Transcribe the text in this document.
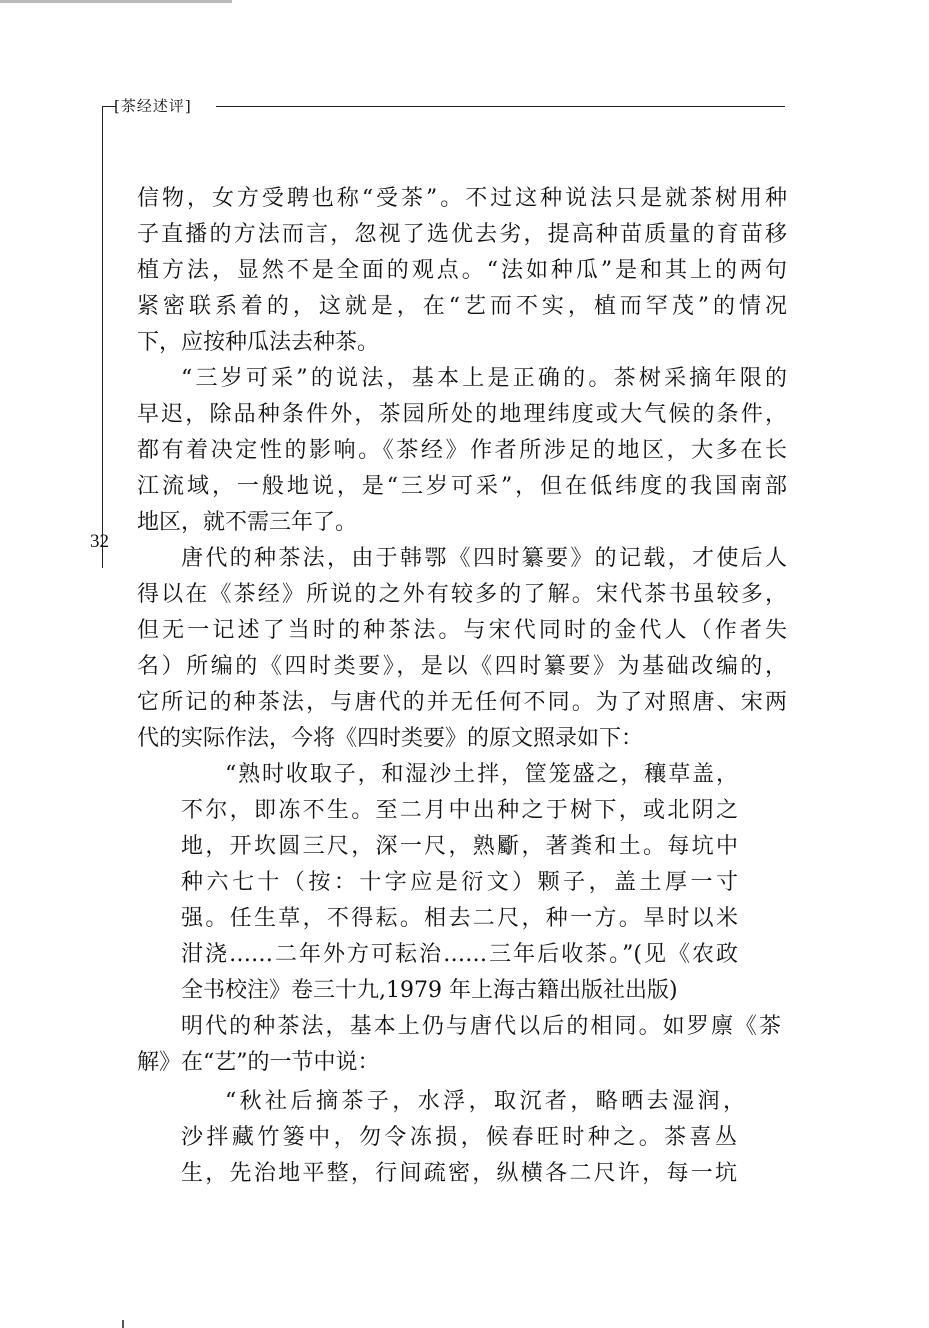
[茶经述评]
32
信物，女方受聘也称“受茶”。不过这种说法只是就茶树用种
子直播的方法而言，忽视了选优去劣，提高种苗质量的育苗移
植方法，显然不是全面的观点。“法如种瓜”是和其上的两句
紧密联系着的，这就是，在“艺而不实，植而罕茂”的情况
下，应按种瓜法去种茶。
“三岁可采”的说法，基本上是正确的。茶树采摘年限的
早迟，除品种条件外，茶园所处的地理纬度或大气候的条件，
都有着决定性的影响。《茶经》作者所涉足的地区，大多在长
江流域，一般地说，是“三岁可采”，但在低纬度的我国南部
地区，就不需三年了。
唐代的种茶法，由于韩鄂《四时纂要》的记载，才使后人
得以在《茶经》所说的之外有较多的了解。宋代茶书虽较多，
但无一记述了当时的种茶法。与宋代同时的金代人（作者失
名）所编的《四时类要》，是以《四时纂要》为基础改编的，
它所记的种茶法，与唐代的并无任何不同。为了对照唐、宋两
代的实际作法，今将《四时类要》的原文照录如下：
“熟时收取子，和湿沙土拌，筐笼盛之，穰草盖，
不尔，即冻不生。至二月中出种之于树下，或北阴之
地，开坎圆三尺，深一尺，熟斸，著粪和土。每坑中
种六七十（按：十字应是衍文）颗子，盖土厚一寸
强。任生草，不得耘。相去二尺，种一方。旱时以米
泔浇……二年外方可耘治……三年后收茶。”(见《农政
全书校注》卷三十九,1979 年上海古籍出版社出版)
明代的种茶法，基本上仍与唐代以后的相同。如罗廪《茶
解》在“艺”的一节中说：
“秋社后摘茶子，水浮，取沉者，略晒去湿润，
沙拌藏竹篓中，勿令冻损，候春旺时种之。茶喜丛
生，先治地平整，行间疏密，纵横各二尺许，每一坑
